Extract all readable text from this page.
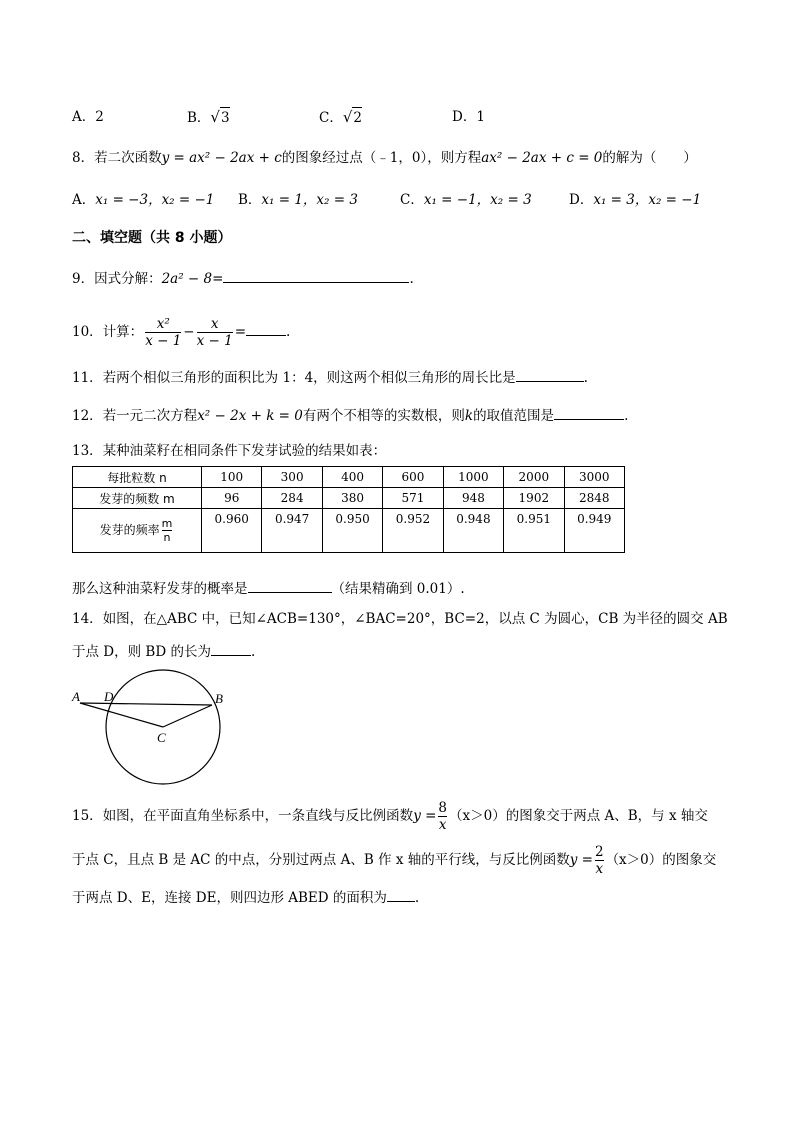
A．2	B．√3	C．√2	D．1
8．若二次函数y = ax² − 2ax + c的图象经过点（﹣1，0），则方程ax² − 2ax + c = 0的解为（　　）
A．x₁ = −3，x₂ = −1 B．x₁ = 1，x₂ = 3	C．x₁ = −1，x₂ = 3	D．x₁ = 3，x₂ = −1
二、填空题（共 8 小题）
9．因式分解：2a² − 8=	.
10．计算： $\frac{\text{x²}}{x - 1} - \frac{x}{x - 1}$ =	.
11．若两个相似三角形的面积比为 1：4，则这两个相似三角形的周长比是	.
12．若一元二次方程x² − 2x + k = 0有两个不相等的实数根，则k的取值范围是	.
13．某种油菜籽在相同条件下发芽试验的结果如表：
每批粒数 n	100	300	400	600	1000	2000	3000
发芽的频数 m	96	284	380	571	948	1902	2848
发芽的频率 $\frac{m}{n}$	0.960	0.947	0.950	0.952	0.948	0.951	0.949
那么这种油菜籽发芽的概率是	（结果精确到 0.01）.
14．如图，在△ABC 中，已知∠ACB=130°，∠BAC=20°，BC=2，以点 C 为圆心，CB 为半径的圆交 AB
于点 D，则 BD 的长为	.
A D	B
C
15．如图，在平面直角坐标系中，一条直线与反比例函数$y = \frac{8}{x} (x>0)$的图象交于两点 A、B，与 x 轴交
于点 C，且点 B 是 AC 的中点，分别过两点 A、B 作 x 轴的平行线，与反比例函数$y = \frac{2}{x} (x>0)$的图象交
于两点 D、E，连接 DE，则四边形 ABED 的面积为 .
